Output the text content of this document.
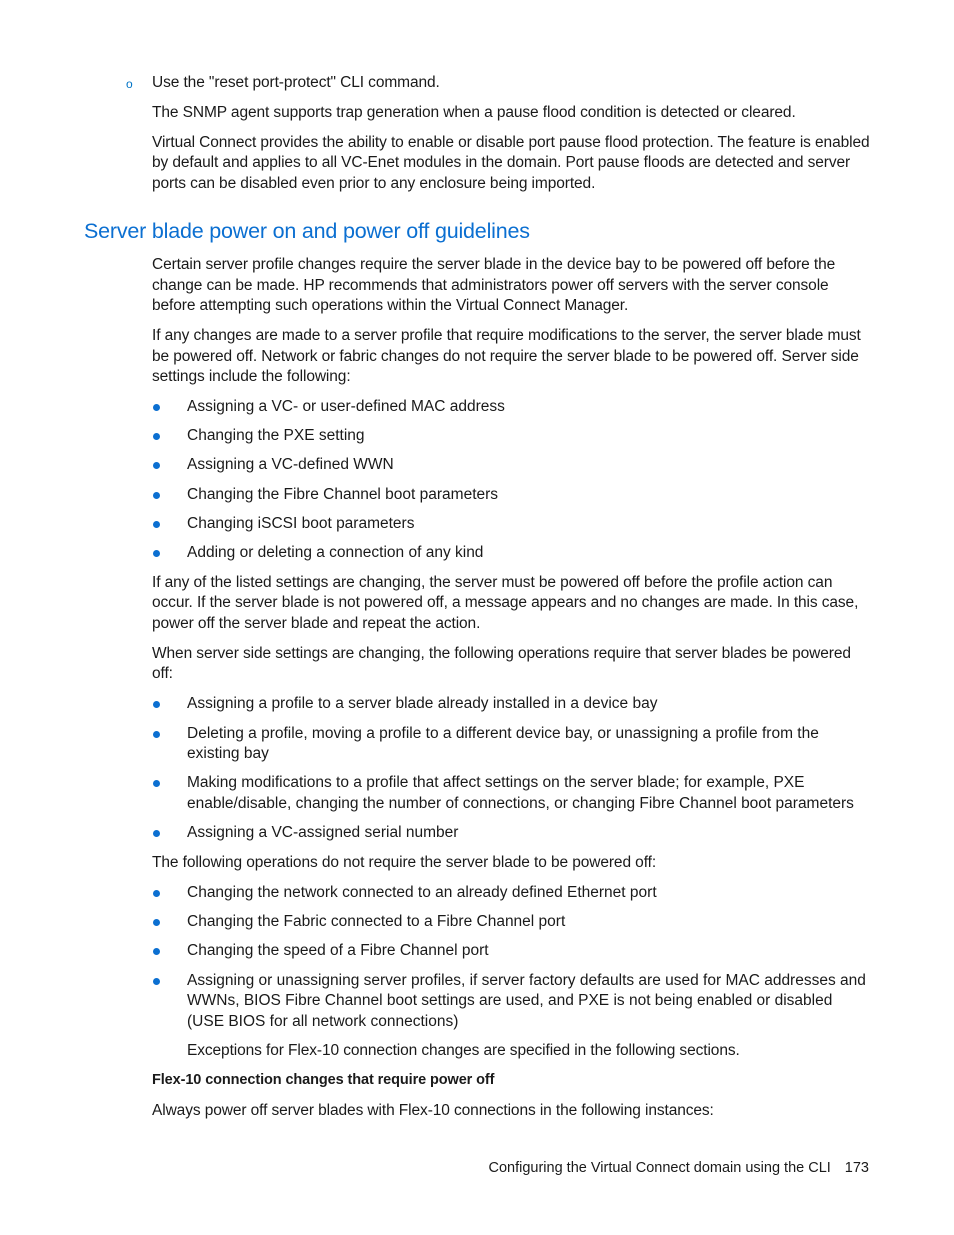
o Use the "reset port-protect" CLI command.

The SNMP agent supports trap generation when a pause flood condition is detected or cleared.

Virtual Connect provides the ability to enable or disable port pause flood protection. The feature is enabled by default and applies to all VC-Enet modules in the domain. Port pause floods are detected and server ports can be disabled even prior to any enclosure being imported.

Server blade power on and power off guidelines

Certain server profile changes require the server blade in the device bay to be powered off before the change can be made. HP recommends that administrators power off servers with the server console before attempting such operations within the Virtual Connect Manager.

If any changes are made to a server profile that require modifications to the server, the server blade must be powered off. Network or fabric changes do not require the server blade to be powered off. Server side settings include the following:

Assigning a VC- or user-defined MAC address
Changing the PXE setting
Assigning a VC-defined WWN
Changing the Fibre Channel boot parameters
Changing iSCSI boot parameters
Adding or deleting a connection of any kind

If any of the listed settings are changing, the server must be powered off before the profile action can occur. If the server blade is not powered off, a message appears and no changes are made. In this case, power off the server blade and repeat the action.

When server side settings are changing, the following operations require that server blades be powered off:

Assigning a profile to a server blade already installed in a device bay
Deleting a profile, moving a profile to a different device bay, or unassigning a profile from the existing bay
Making modifications to a profile that affect settings on the server blade; for example, PXE enable/disable, changing the number of connections, or changing Fibre Channel boot parameters
Assigning a VC-assigned serial number

The following operations do not require the server blade to be powered off:

Changing the network connected to an already defined Ethernet port
Changing the Fabric connected to a Fibre Channel port
Changing the speed of a Fibre Channel port
Assigning or unassigning server profiles, if server factory defaults are used for MAC addresses and WWNs, BIOS Fibre Channel boot settings are used, and PXE is not being enabled or disabled (USE BIOS for all network connections)

Exceptions for Flex-10 connection changes are specified in the following sections.

Flex-10 connection changes that require power off

Always power off server blades with Flex-10 connections in the following instances:

Configuring the Virtual Connect domain using the CLI 173
